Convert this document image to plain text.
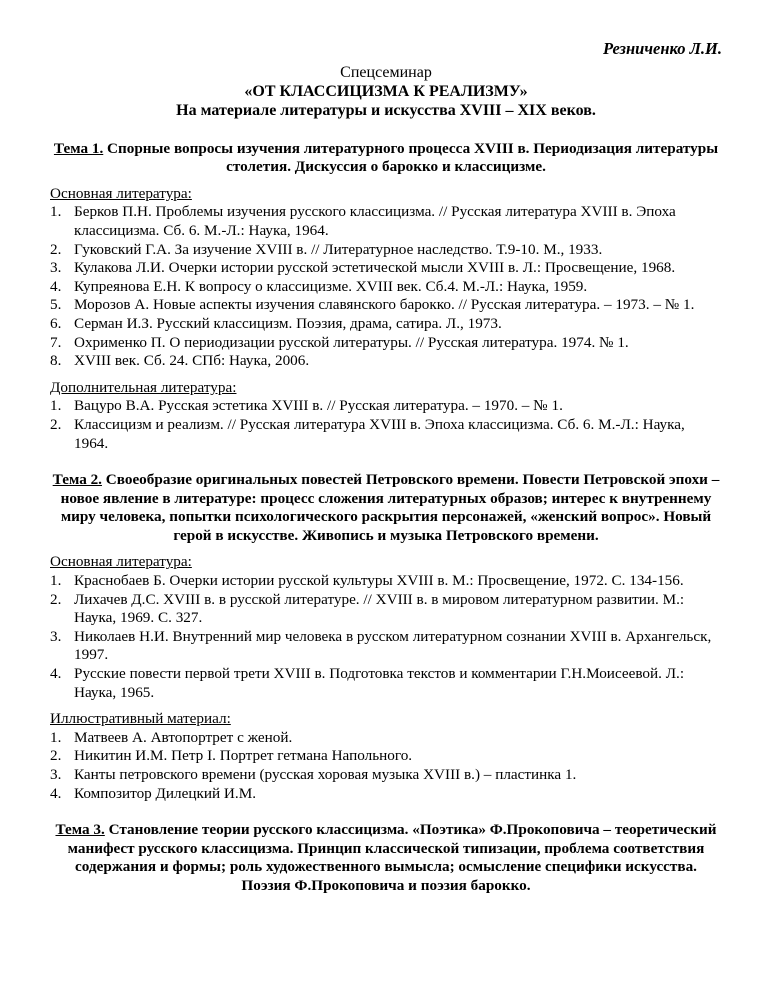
Резниченко Л.И.
Спецсеминар
«ОТ КЛАССИЦИЗМА К РЕАЛИЗМУ»
На материале литературы и искусства XVIII – XIX веков.
Тема 1. Спорные вопросы изучения литературного процесса XVIII в. Периодизация литературы столетия. Дискуссия о барокко и классицизме.
Основная литература:
1. Берков П.Н. Проблемы изучения русского классицизма. // Русская литература XVIII в. Эпоха классицизма. Сб. 6. М.-Л.: Наука, 1964.
2. Гуковский Г.А. За изучение XVIII в. // Литературное наследство. Т.9-10. М., 1933.
3. Кулакова Л.И. Очерки истории русской эстетической мысли XVIII в. Л.: Просвещение, 1968.
4. Купреянова Е.Н. К вопросу о классицизме. XVIII век. Сб.4. М.-Л.: Наука, 1959.
5. Морозов А. Новые аспекты изучения славянского барокко. // Русская литература. – 1973. – № 1.
6. Серман И.З. Русский классицизм. Поэзия, драма, сатира. Л., 1973.
7. Охрименко П. О периодизации русской литературы. // Русская литература. 1974. № 1.
8. XVIII век. Сб. 24. СПб: Наука, 2006.
Дополнительная литература:
1. Вацуро В.А. Русская эстетика XVIII в. // Русская литература. – 1970. – № 1.
2. Классицизм и реализм. // Русская литература XVIII в. Эпоха классицизма. Сб. 6. М.-Л.: Наука, 1964.
Тема 2. Своеобразие оригинальных повестей Петровского времени. Повести Петровской эпохи – новое явление в литературе: процесс сложения литературных образов; интерес к внутреннему миру человека, попытки психологического раскрытия персонажей, «женский вопрос». Новый герой в искусстве. Живопись и музыка Петровского времени.
Основная литература:
1. Краснобаев Б. Очерки истории русской культуры XVIII в. М.: Просвещение, 1972. С. 134-156.
2. Лихачев Д.С. XVIII в. в русской литературе. // XVIII в. в мировом литературном развитии. М.: Наука, 1969. С. 327.
3. Николаев Н.И. Внутренний мир человека в русском литературном сознании XVIII в. Архангельск, 1997.
4. Русские повести первой трети XVIII в. Подготовка текстов и комментарии Г.Н.Моисеевой. Л.: Наука, 1965.
Иллюстративный материал:
1. Матвеев А. Автопортрет с женой.
2. Никитин И.М. Петр I. Портрет гетмана Напольного.
3. Канты петровского времени (русская хоровая музыка XVIII в.) – пластинка 1.
4. Композитор Дилецкий И.М.
Тема 3. Становление теории русского классицизма. «Поэтика» Ф.Прокоповича – теоретический манифест русского классицизма. Принцип классической типизации, проблема соответствия содержания и формы; роль художественного вымысла; осмысление специфики искусства. Поэзия Ф.Прокоповича и поэзия барокко.
